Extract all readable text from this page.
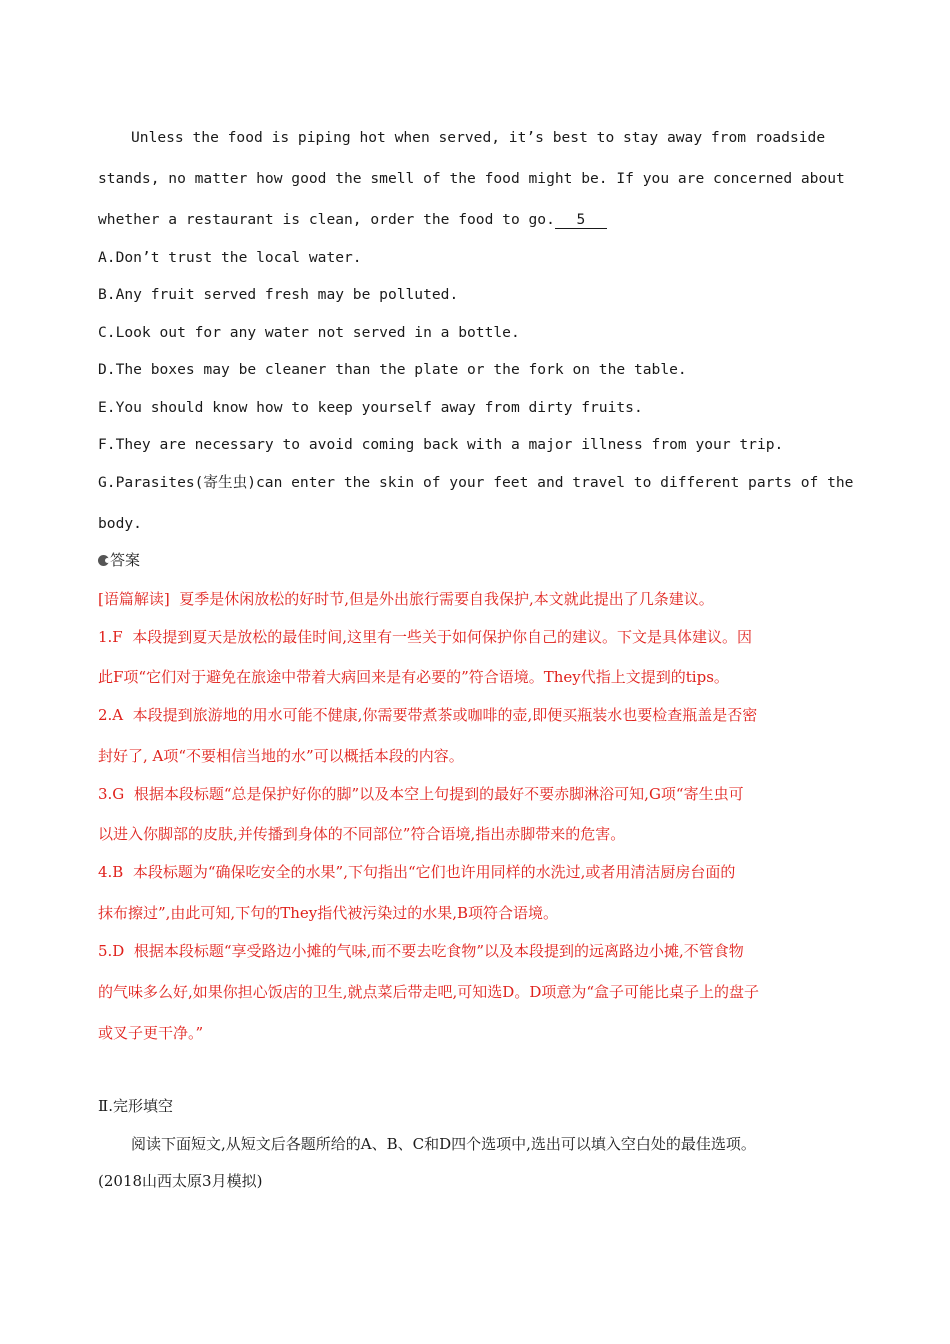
Unless the food is piping hot when served, it’s best to stay away from roadside
stands, no matter how good the smell of the food might be. If you are concerned about
whether a restaurant is clean, order the food to go. 5
A.Don’t trust the local water.
B.Any fruit served fresh may be polluted.
C.Look out for any water not served in a bottle.
D.The boxes may be cleaner than the plate or the fork on the table.
E.You should know how to keep yourself away from dirty fruits.
F.They are necessary to avoid coming back with a major illness from your trip.
G.Parasites(寄生虫)can enter the skin of your feet and travel to different parts of the
body.
答案
[语篇解读]  夏季是休闲放松的好时节,但是外出旅行需要自我保护,本文就此提出了几条建议。
1.F  本段提到夏天是放松的最佳时间,这里有一些关于如何保护你自己的建议。下文是具体建议。因
此F项“它们对于避免在旅途中带着大病回来是有必要的”符合语境。They代指上文提到的tips。
2.A  本段提到旅游地的用水可能不健康,你需要带煮茶或咖啡的壶,即便买瓶装水也要检查瓶盖是否密
封好了, A项“不要相信当地的水”可以概括本段的内容。
3.G  根据本段标题“总是保护好你的脚”以及本空上句提到的最好不要赤脚淋浴可知,G项“寄生虫可
以进入你脚部的皮肤,并传播到身体的不同部位”符合语境,指出赤脚带来的危害。
4.B  本段标题为“确保吃安全的水果”,下句指出“它们也许用同样的水洗过,或者用清洁厨房台面的
抹布擦过”,由此可知,下句的They指代被污染过的水果,B项符合语境。
5.D  根据本段标题“享受路边小摊的气味,而不要去吃食物”以及本段提到的远离路边小摊,不管食物
的气味多么好,如果你担心饭店的卫生,就点菜后带走吧,可知选D。D项意为“盒子可能比桌子上的盘子
或叉子更干净。”
Ⅱ.完形填空
阅读下面短文,从短文后各题所给的A、B、C和D四个选项中,选出可以填入空白处的最佳选项。
(2018山西太原3月模拟)
